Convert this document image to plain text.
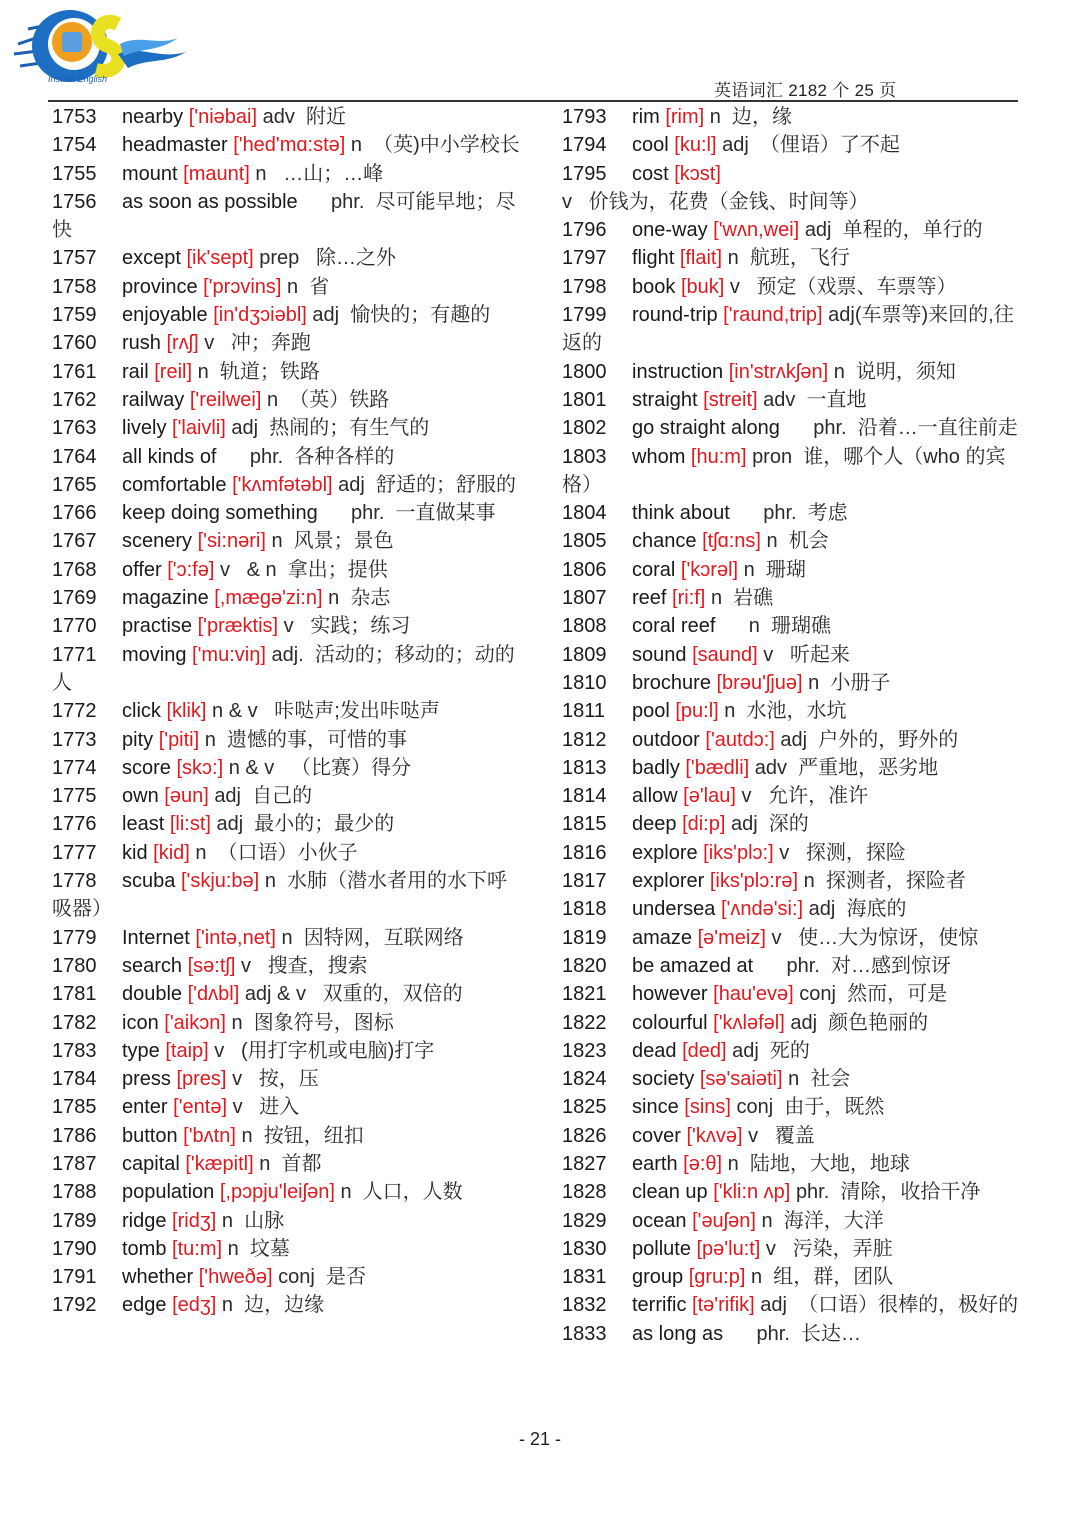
Instant English
英语词汇 2182 个 25 页
1753 nearby ['niəbai] adv  附近
1754 headmaster ['hed'mɑ:stə] n  （英)中小学校长
1755 mount [maunt] n   …山；…峰
1756 as soon as possible      phr.  尽可能早地；尽快
1757 except [ik'sept] prep   除…之外
1758 province ['prɔvins] n  省
1759 enjoyable [in'dʒɔiəbl] adj  愉快的；有趣的
1760 rush [rʌʃ] v   冲；奔跑
1761 rail [reil] n  轨道；铁路
1762 railway ['reilwei] n  （英）铁路
1763 lively ['laivli] adj  热闹的；有生气的
1764 all kinds of      phr.  各种各样的
1765 comfortable ['kʌmfətəbl] adj  舒适的；舒服的
1766 keep doing something      phr.  一直做某事
1767 scenery ['si:nəri] n  风景；景色
1768 offer ['ɔ:fə] v   & n  拿出；提供
1769 magazine [,mægə'zi:n] n  杂志
1770 practise ['præktis] v   实践；练习
1771 moving ['mu:viŋ] adj.  活动的；移动的；动的人
1772 click [klik] n & v   咔哒声;发出咔哒声
1773 pity ['piti] n  遗憾的事，可惜的事
1774 score [skɔ:] n & v   （比赛）得分
1775 own [əun] adj  自己的
1776 least [li:st] adj  最小的；最少的
1777 kid [kid] n  （口语）小伙子
1778 scuba ['skju:bə] n  水肺（潜水者用的水下呼吸器）
1779 Internet ['intə,net] n  因特网，互联网络
1780 search [sə:tʃ] v   搜查，搜索
1781 double ['dʌbl] adj & v   双重的，双倍的
1782 icon ['aikɔn] n  图象符号，图标
1783 type [taip] v   (用打字机或电脑)打字
1784 press [pres] v   按，压
1785 enter ['entə] v   进入
1786 button ['bʌtn] n  按钮，纽扣
1787 capital ['kæpitl] n  首都
1788 population [,pɔpju'leiʃən] n  人口，人数
1789 ridge [ridʒ] n  山脉
1790 tomb [tu:m] n  坟墓
1791 whether ['hweðə] conj  是否
1792 edge [edʒ] n  边，边缘
1793 rim [rim] n  边，缘
1794 cool [ku:l] adj  （俚语）了不起
1795 cost [kɔst] v   价钱为，花费（金钱、时间等）
1796 one-way ['wʌn,wei] adj  单程的，单行的
1797 flight [flait] n  航班，飞行
1798 book [buk] v   预定（戏票、车票等）
1799 round-trip ['raund,trip] adj(车票等)来回的,往返的
1800 instruction [in'strʌkʃən] n  说明，须知
1801 straight [streit] adv  一直地
1802 go straight along      phr.  沿着…一直往前走
1803 whom [hu:m] pron  谁，哪个人（who 的宾格）
1804 think about      phr.  考虑
1805 chance [tʃɑ:ns] n  机会
1806 coral ['kɔrəl] n  珊瑚
1807 reef [ri:f] n  岩礁
1808 coral reef      n  珊瑚礁
1809 sound [saund] v   听起来
1810 brochure [brəu'ʃjuə] n  小册子
1811 pool [pu:l] n  水池，水坑
1812 outdoor ['autdɔ:] adj  户外的，野外的
1813 badly ['bædli] adv  严重地，恶劣地
1814 allow [ə'lau] v   允许，准许
1815 deep [di:p] adj  深的
1816 explore [iks'plɔ:] v   探测，探险
1817 explorer [iks'plɔ:rə] n  探测者，探险者
1818 undersea ['ʌndə'si:] adj  海底的
1819 amaze [ə'meiz] v   使…大为惊讶，使惊
1820 be amazed at      phr.  对…感到惊讶
1821 however [hau'evə] conj  然而，可是
1822 colourful ['kʌləfəl] adj  颜色艳丽的
1823 dead [ded] adj  死的
1824 society [sə'saiəti] n  社会
1825 since [sins] conj  由于，既然
1826 cover ['kʌvə] v   覆盖
1827 earth [ə:θ] n  陆地，大地，地球
1828 clean up ['kli:n ʌp] phr.  清除，收拾干净
1829 ocean ['əuʃən] n  海洋，大洋
1830 pollute [pə'lu:t] v   污染，弄脏
1831 group [gru:p] n  组，群，团队
1832 terrific [tə'rifik] adj  （口语）很棒的，极好的
1833 as long as      phr.  长达…
- 21 -
